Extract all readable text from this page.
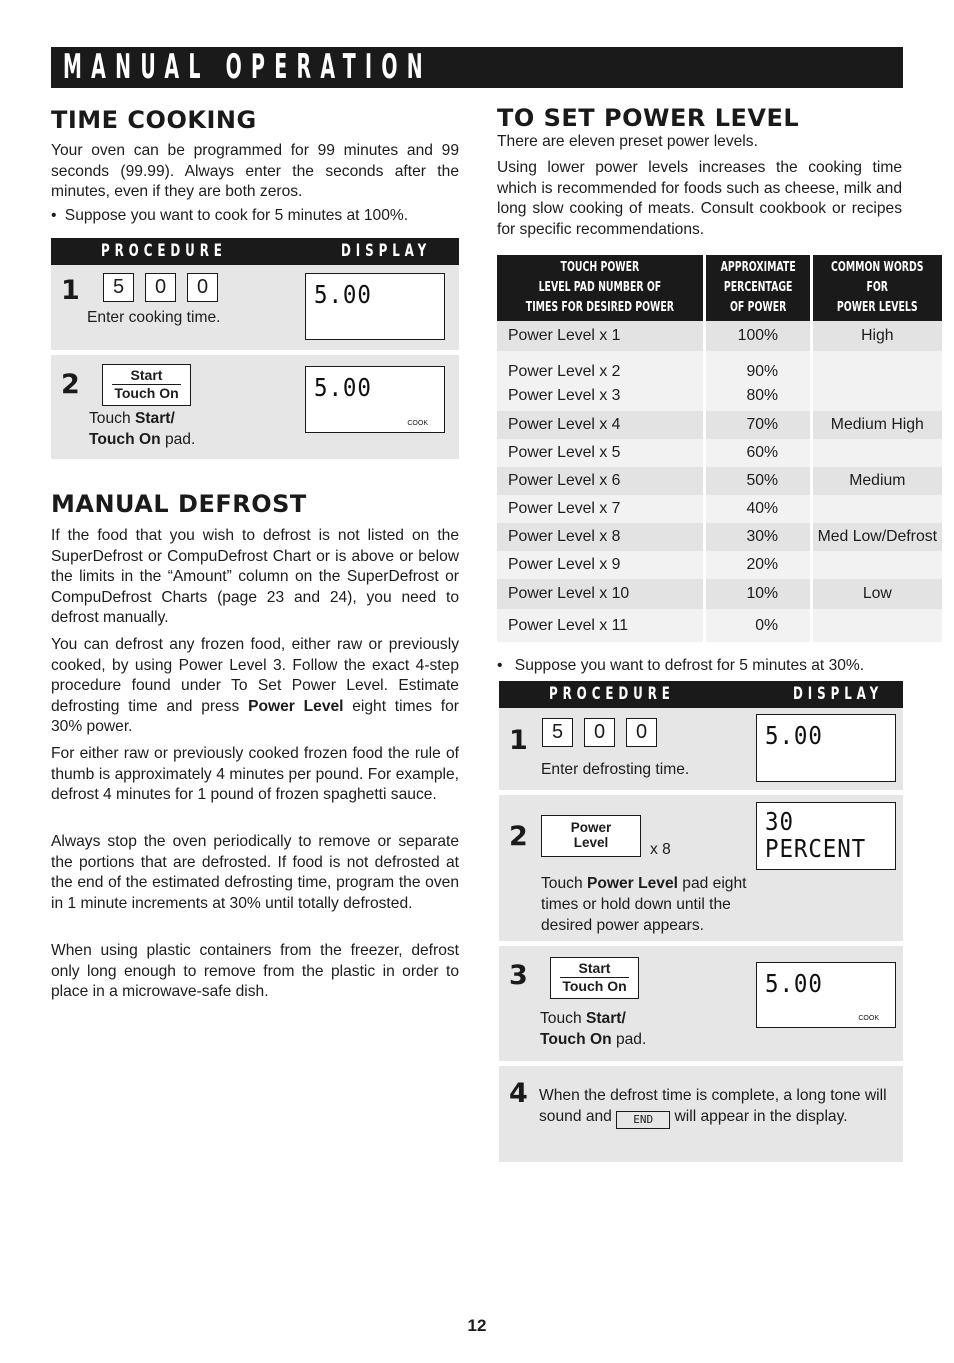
MANUAL OPERATION
TIME COOKING

Your oven can be programmed for 99 minutes and 99 seconds (99.99). Always enter the seconds after the minutes, even if they are both zeros.

• Suppose you want to cook for 5 minutes at 100%.
PROCEDURE	DISPLAY
1	5	0	0
Enter cooking time.
5.00
2	Start
Touch On
Touch Start/
Touch On pad.
5.00
COOK
MANUAL DEFROST

If the food that you wish to defrost is not listed on the SuperDefrost or CompuDefrost Chart or is above or below the limits in the “Amount” column on the SuperDefrost or CompuDefrost Charts (page 23 and 24), you need to defrost manually.

You can defrost any frozen food, either raw or previously cooked, by using Power Level 3. Follow the exact 4-step procedure found under To Set Power Level. Estimate defrosting time and press Power Level eight times for 30% power.

For either raw or previously cooked frozen food the rule of thumb is approximately 4 minutes per pound. For example, defrost 4 minutes for 1 pound of frozen spaghetti sauce.

Always stop the oven periodically to remove or separate the portions that are defrosted. If food is not defrosted at the end of the estimated defrosting time, program the oven in 1 minute increments at 30% until totally defrosted.

When using plastic containers from the freezer, defrost only long enough to remove from the plastic in order to place in a microwave-safe dish.

TO SET POWER LEVEL

There are eleven preset power levels.

Using lower power levels increases the cooking time which is recommended for foods such as cheese, milk and long slow cooking of meats. Consult cookbook or recipes for specific recommendations.

TOUCH POWER
LEVEL PAD NUMBER OF
TIMES FOR DESIRED POWER	APPROXIMATE
PERCENTAGE
OF POWER	COMMON WORDS
FOR
POWER LEVELS
Power Level x 1	100%	High
Power Level x 2	90%	
Power Level x 3	80%	
Power Level x 4	70%	Medium High
Power Level x 5	60%	
Power Level x 6	50%	Medium
Power Level x 7	40%	
Power Level x 8	30%	Med Low/Defrost
Power Level x 9	20%	
Power Level x 10	10%	Low
Power Level x 11	0%	
• Suppose you want to defrost for 5 minutes at 30%.
PROCEDURE	DISPLAY
1	5	0	0
Enter defrosting time.
5.00
2	Power
Level	x 8
Touch Power Level pad eight times or hold down until the desired power appears.
30
PERCENT
3	Start
Touch On
Touch Start/
Touch On pad.
5.00
COOK
4 When the defrost time is complete, a long tone will sound and END will appear in the display.
12
